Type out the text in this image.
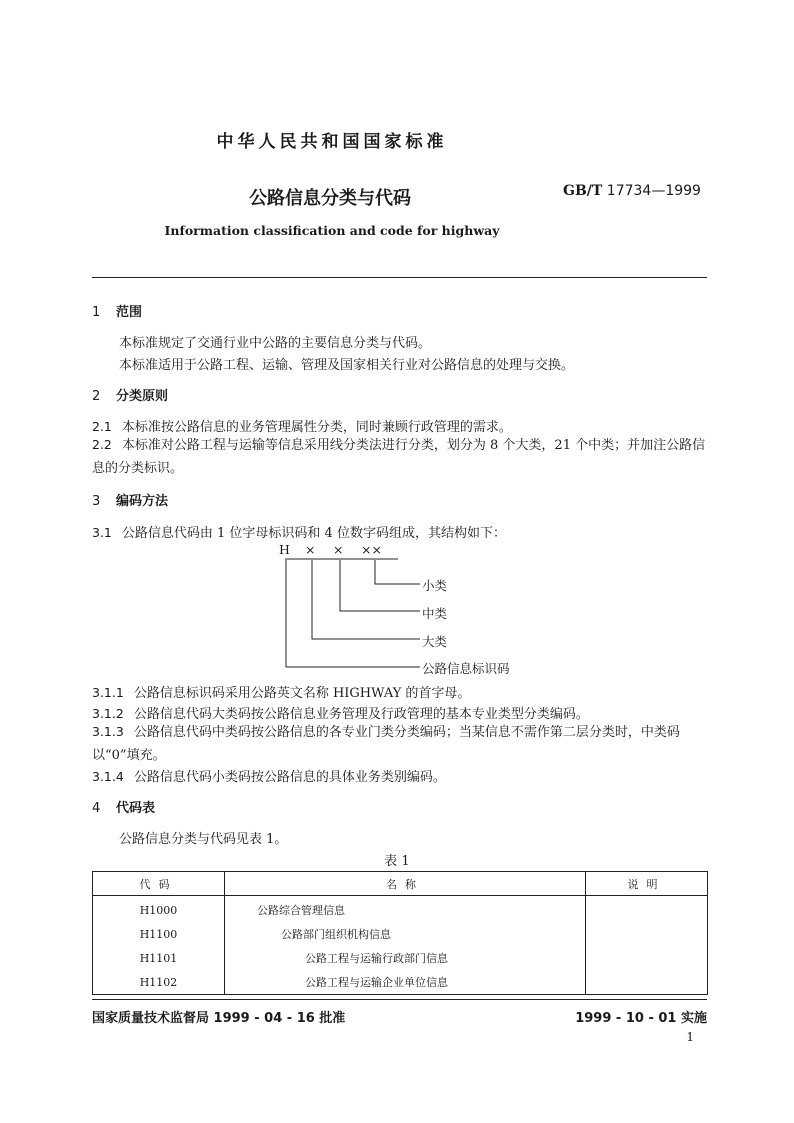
中华人民共和国国家标准
公路信息分类与代码	GB/T 17734—1999
Information classification and code for highway
1 范围
本标准规定了交通行业中公路的主要信息分类与代码。
本标准适用于公路工程、运输、管理及国家相关行业对公路信息的处理与交换。
2 分类原则
2.1 本标准按公路信息的业务管理属性分类，同时兼顾行政管理的需求。
2.2 本标准对公路工程与运输等信息采用线分类法进行分类，划分为 8 个大类，21 个中类；并加注公路信息的分类标识。
3 编码方法
3.1 公路信息代码由 1 位字母标识码和 4 位数字码组成，其结构如下：
H × × ××
小类
中类
大类
公路信息标识码
3.1.1 公路信息标识码采用公路英文名称 HIGHWAY 的首字母。
3.1.2 公路信息代码大类码按公路信息业务管理及行政管理的基本专业类型分类编码。
3.1.3 公路信息代码中类码按公路信息的各专业门类分类编码；当某信息不需作第二层分类时，中类码以“0”填充。
3.1.4 公路信息代码小类码按公路信息的具体业务类别编码。
4 代码表
公路信息分类与代码见表 1。
表 1
代码	名称	说明
H1000	公路综合管理信息	
H1100	公路部门组织机构信息	
H1101	公路工程与运输行政部门信息	
H1102	公路工程与运输企业单位信息	
国家质量技术监督局 1999 - 04 - 16 批准	1999 - 10 - 01 实施
1
